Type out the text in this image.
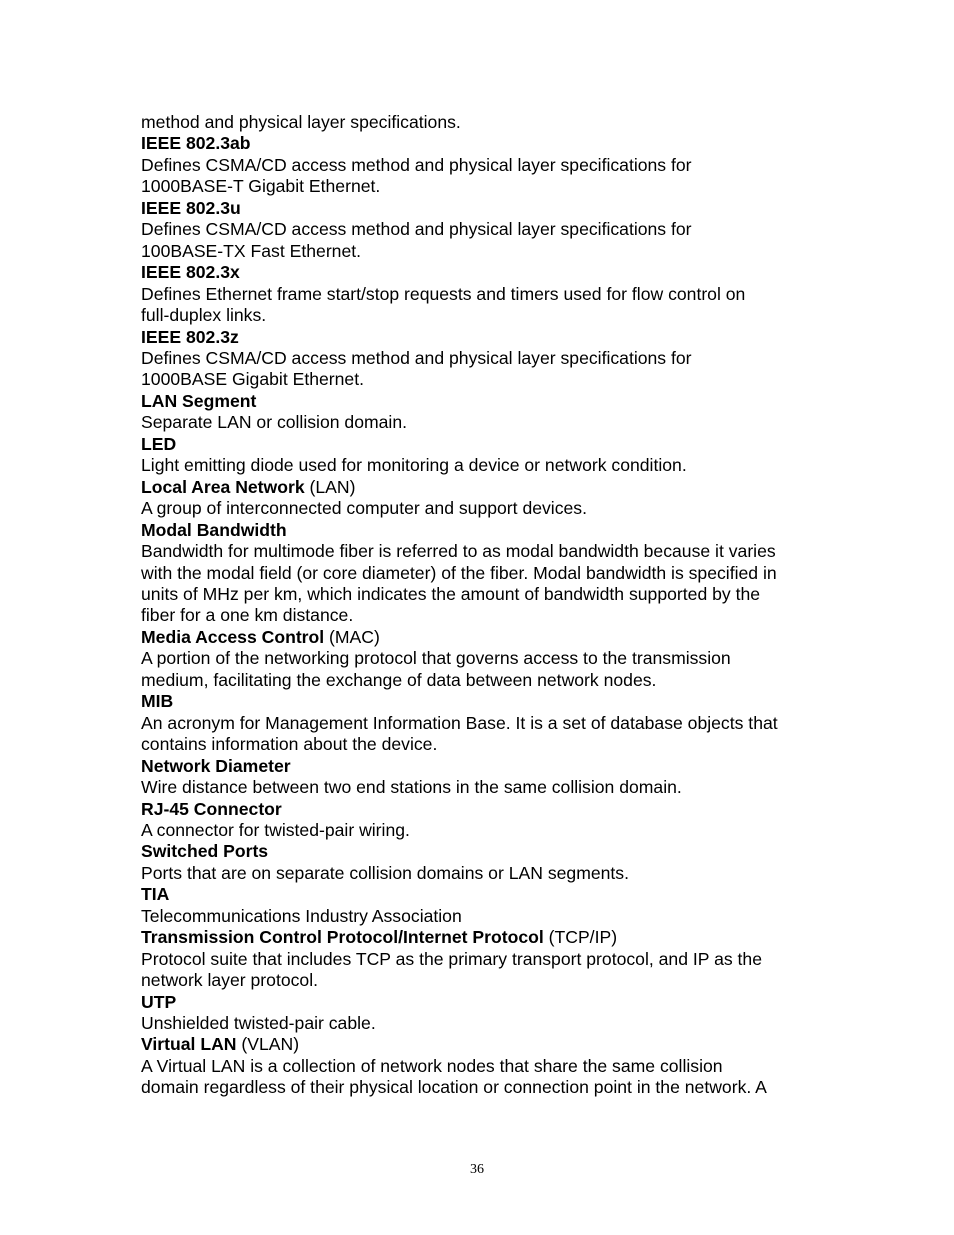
method and physical layer specifications.
IEEE 802.3ab
Defines CSMA/CD access method and physical layer specifications for
1000BASE-T Gigabit Ethernet.
IEEE 802.3u
Defines CSMA/CD access method and physical layer specifications for
100BASE-TX Fast Ethernet.
IEEE 802.3x
Defines Ethernet frame start/stop requests and timers used for flow control on
full-duplex links.
IEEE 802.3z
Defines CSMA/CD access method and physical layer specifications for
1000BASE Gigabit Ethernet.
LAN Segment
Separate LAN or collision domain.
LED
Light emitting diode used for monitoring a device or network condition.
Local Area Network (LAN)
A group of interconnected computer and support devices.
Modal Bandwidth
Bandwidth for multimode fiber is referred to as modal bandwidth because it varies
with the modal field (or core diameter) of the fiber. Modal bandwidth is specified in
units of MHz per km, which indicates the amount of bandwidth supported by the
fiber for a one km distance.
Media Access Control (MAC)
A portion of the networking protocol that governs access to the transmission
medium, facilitating the exchange of data between network nodes.
MIB
An acronym for Management Information Base. It is a set of database objects that
contains information about the device.
Network Diameter
Wire distance between two end stations in the same collision domain.
RJ-45 Connector
A connector for twisted-pair wiring.
Switched Ports
Ports that are on separate collision domains or LAN segments.
TIA
Telecommunications Industry Association
Transmission Control Protocol/Internet Protocol (TCP/IP)
Protocol suite that includes TCP as the primary transport protocol, and IP as the
network layer protocol.
UTP
Unshielded twisted-pair cable.
Virtual LAN (VLAN)
A Virtual LAN is a collection of network nodes that share the same collision
domain regardless of their physical location or connection point in the network. A
36
